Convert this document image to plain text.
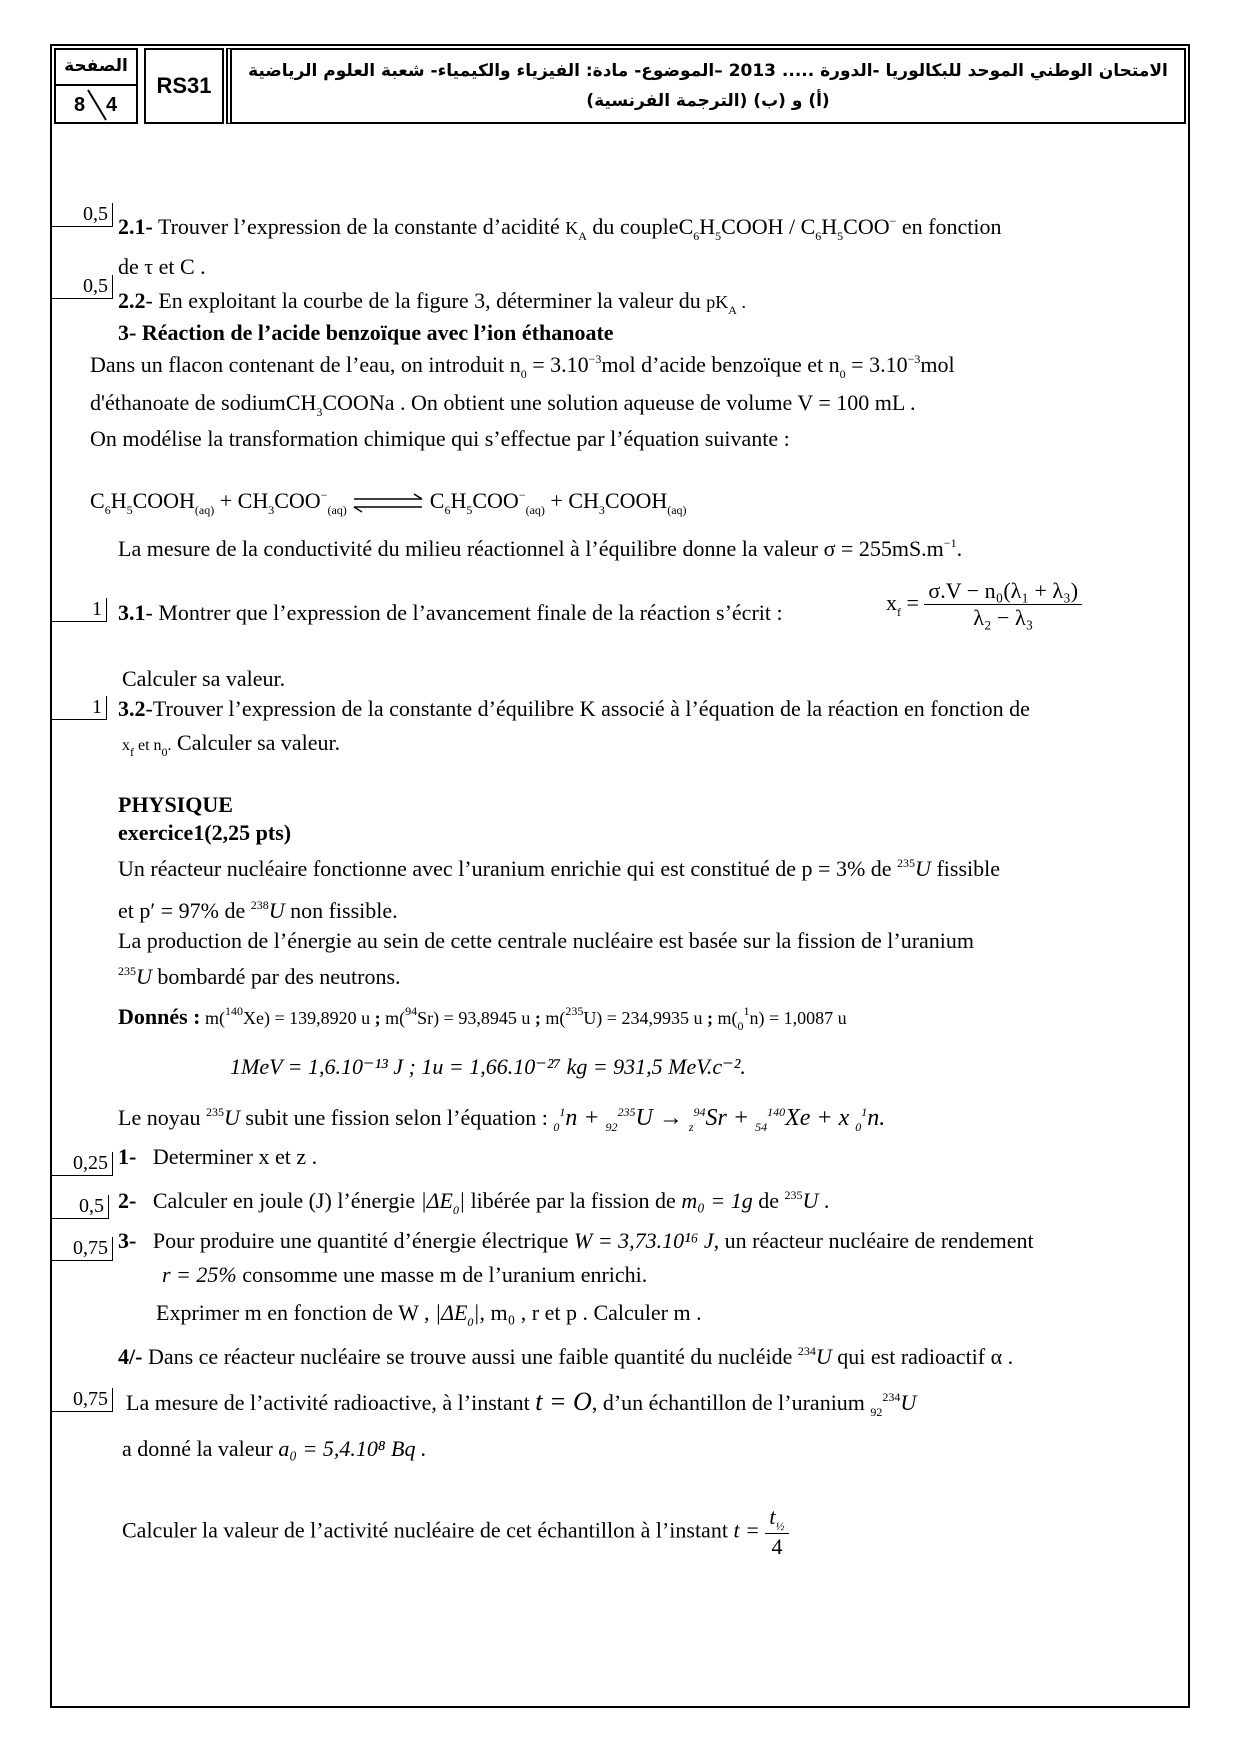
الصفحة
8 4
RS31
الامتحان الوطني الموحد للبكالوريا -الدورة ..... 2013 –الموضوع- مادة: الفيزياء والكيمياء- شعبة العلوم الرياضية
(أ) و (ب) (الترجمة الفرنسية)
0,5
0,5
1
1
0,25
0,5
0,75
0,75
2.1- Trouver l’expression de la constante d’acidité $K_A$ du $coupleC_6H_5COOH / C_6H_5COO^-$ en fonction
de τ et C .
2.2- En exploitant la courbe de la figure 3, déterminer la valeur du $pK_A$ .
3- Réaction de l’acide benzoïque avec l’ion éthanoate
Dans un flacon contenant de l’eau, on introduit $n_0 = 3.10^{-3}mol$ d’acide benzoïque et $n_0 = 3.10^{-3}mol$
d'éthanoate de sodiumCH$_3$COONa . On obtient une solution aqueuse de volume V = 100 mL .
On modélise la transformation chimique qui s’effectue par l’équation suivante :
$C_6H_5COOH_{(aq)} + CH_3COO^-_{(aq)}$ ⇌ $C_6H_5COO^-_{(aq)}$ + $CH_3COOH_{(aq)}$
La mesure de la conductivité du milieu réactionnel à l’équilibre donne la valeur $\sigma = 255mS.m^{-1}$.
3.1- Montrer que l’expression de l’avancement finale de la réaction s’écrit :	$x_f = \frac{\text{σ.V − n₀(λ₁ + λ₃)}}{\text{λ₂ − λ₃}}$
Calculer sa valeur.
3.2-Trouver l’expression de la constante d’équilibre K associé à l’équation de la réaction en fonction de
$x_f$ et $n_0$. Calculer sa valeur.
PHYSIQUE
exercice1(2,25 pts)
Un réacteur nucléaire fonctionne avec l’uranium enrichie qui est constitué de p = 3% de $^{235}$U fissible
et p′ = 97% de $^{238}$U non fissible.
La production de l’énergie au sein de cette centrale nucléaire est basée sur la fission de l’uranium
$^{235}$U bombardé par des neutrons.
Donnés : m($^{140}$Xe) = 139,8920 u ; m($^{94}$Sr) = 93,8945 u ; m($^{235}$U) = 234,9935 u ; $m(_0^1n) = 1,0087$ u
1MeV = 1,6.10⁻¹³ J ; 1u = 1,66.10⁻²⁷ kg = 931,5 MeV.c⁻².
Le noyau $^{235}$U subit une fission selon l’équation : $_0^1$n + $_{92}^{235}$U → $_z^{94}$Sr + $_{54}^{140}$Xe + x $_0^1$n.
1- Determiner x et z .
2- Calculer en joule (J) l’énergie $|\Delta E_0|$ libérée par la fission de m₀ = 1g de $^{235}$U .
3- Pour produire une quantité d’énergie électrique W = 3,73.10¹⁶ J, un réacteur nucléaire de rendement
r = 25% consomme une masse m de l’uranium enrichi.
Exprimer m en fonction de W , $|\Delta E_0|$, m₀ , r et p . Calculer m .
4/- Dans ce réacteur nucléaire se trouve aussi une faible quantité du nucléide $^{234}$U qui est radioactif α .
La mesure de l’activité radioactive, à l’instant t = O, d’un échantillon de l’uranium $_{92}^{234}$U
a donné la valeur a₀ = 5,4.10⁸ Bq .
Calculer la valeur de l’activité nucléaire de cet échantillon à l’instant $t = \frac{t_{\frac{1}{2}}}{4}$
